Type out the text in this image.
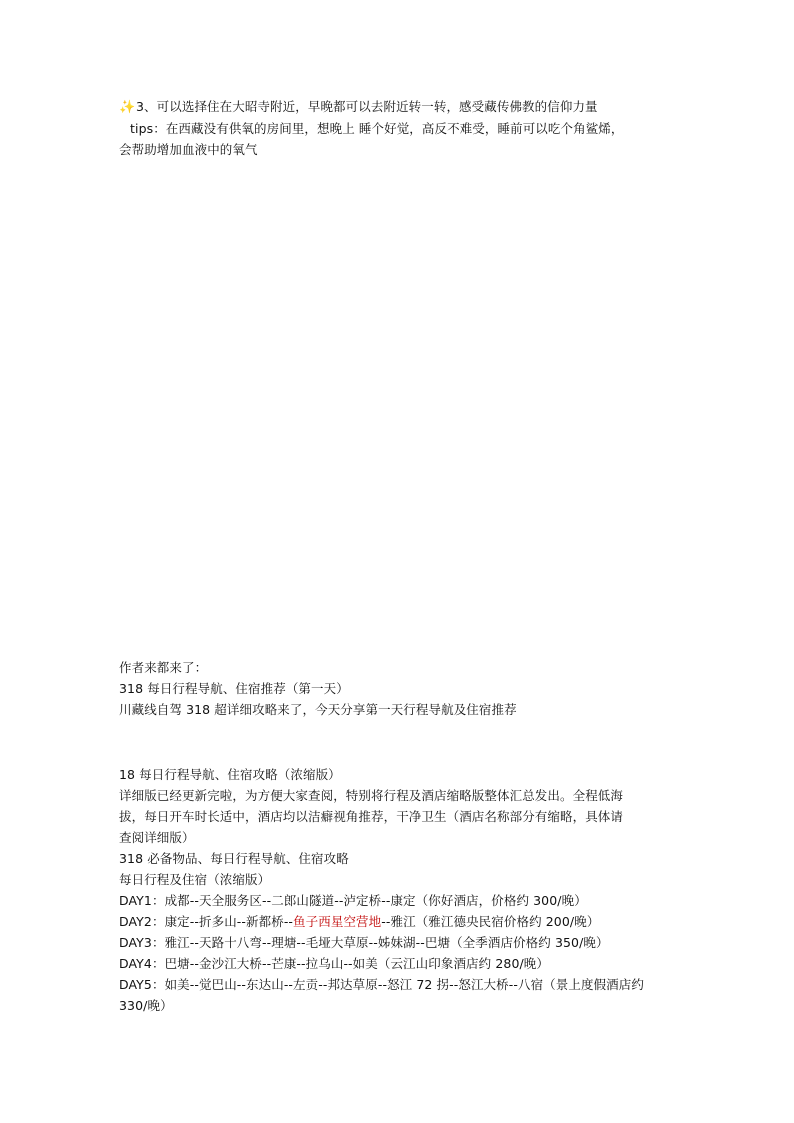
✨3、可以选择住在大昭寺附近，早晚都可以去附近转一转，感受藏传佛教的信仰力量
tips：在西藏没有供氧的房间里，想晚上 睡个好觉，高反不难受，睡前可以吃个角鲨烯，
会帮助增加血液中的氧气
作者来都来了：
318 每日行程导航、住宿推荐（第一天）
川藏线自驾 318 超详细攻略来了，今天分享第一天行程导航及住宿推荐
18 每日行程导航、住宿攻略（浓缩版）
详细版已经更新完啦，为方便大家查阅，特别将行程及酒店缩略版整体汇总发出。全程低海
拔，每日开车时长适中，酒店均以洁癖视角推荐，干净卫生（酒店名称部分有缩略，具体请
查阅详细版）
318 必备物品、每日行程导航、住宿攻略
每日行程及住宿（浓缩版）
DAY1：成都--天全服务区--二郎山隧道--泸定桥--康定（你好酒店，价格约 300/晚）
DAY2：康定--折多山--新都桥--鱼子西星空营地--雅江（雅江德央民宿价格约 200/晚）
DAY3：雅江--天路十八弯--理塘--毛垭大草原--姊妹湖--巴塘（全季酒店价格约 350/晚）
DAY4：巴塘--金沙江大桥--芒康--拉乌山--如美（云江山印象酒店约 280/晚）
DAY5：如美--觉巴山--东达山--左贡--邦达草原--怒江 72 拐--怒江大桥--八宿（景上度假酒店约
330/晚）
